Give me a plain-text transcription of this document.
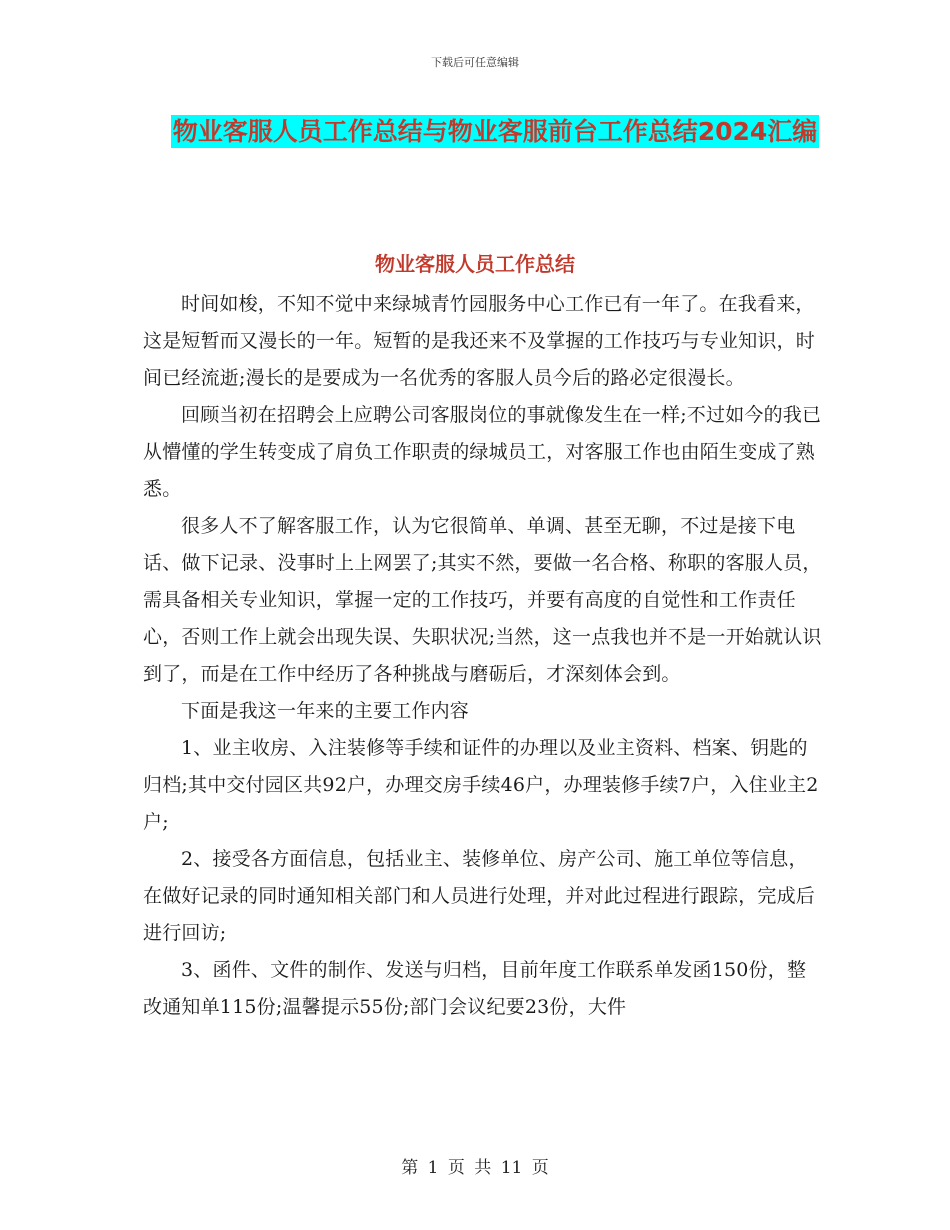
下载后可任意编辑
物业客服人员工作总结与物业客服前台工作总结2024汇编
物业客服人员工作总结

时间如梭，不知不觉中来绿城青竹园服务中心工作已有一年了。在我看来，这是短暂而又漫长的一年。短暂的是我还来不及掌握的工作技巧与专业知识，时间已经流逝;漫长的是要成为一名优秀的客服人员今后的路必定很漫长。

回顾当初在招聘会上应聘公司客服岗位的事就像发生在一样;不过如今的我已从懵懂的学生转变成了肩负工作职责的绿城员工，对客服工作也由陌生变成了熟悉。

很多人不了解客服工作，认为它很简单、单调、甚至无聊，不过是接下电话、做下记录、没事时上上网罢了;其实不然，要做一名合格、称职的客服人员，需具备相关专业知识，掌握一定的工作技巧，并要有高度的自觉性和工作责任心，否则工作上就会出现失误、失职状况;当然，这一点我也并不是一开始就认识到了，而是在工作中经历了各种挑战与磨砺后，才深刻体会到。

下面是我这一年来的主要工作内容

1、业主收房、入注装修等手续和证件的办理以及业主资料、档案、钥匙的归档;其中交付园区共92户，办理交房手续46户，办理装修手续7户，入住业主2户;

2、接受各方面信息，包括业主、装修单位、房产公司、施工单位等信息，在做好记录的同时通知相关部门和人员进行处理，并对此过程进行跟踪，完成后进行回访;

3、函件、文件的制作、发送与归档，目前年度工作联系单发函150份，整改通知单115份;温馨提示55份;部门会议纪要23份，大件

第 1 页 共 11 页
